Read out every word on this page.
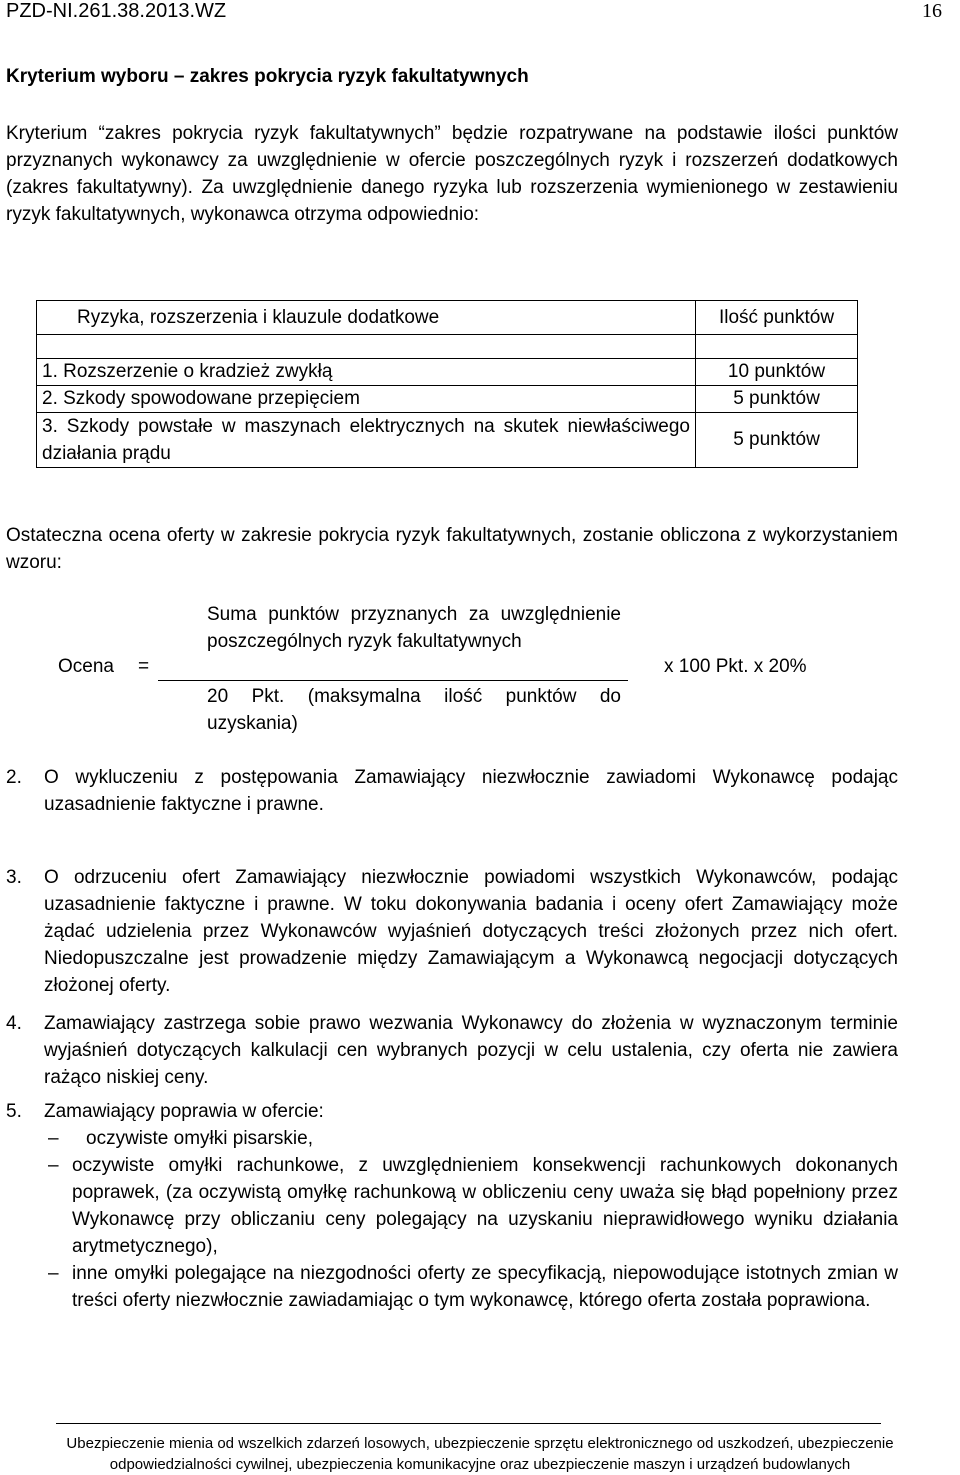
PZD-NI.261.38.2013.WZ	16
Kryterium wyboru – zakres pokrycia ryzyk fakultatywnych
Kryterium “zakres pokrycia ryzyk fakultatywnych” będzie rozpatrywane na podstawie ilości punktów przyznanych wykonawcy za uwzględnienie w ofercie poszczególnych ryzyk i rozszerzeń dodatkowych (zakres fakultatywny). Za uwzględnienie danego ryzyka lub rozszerzenia wymienionego w zestawieniu ryzyk fakultatywnych, wykonawca otrzyma odpowiednio:
Ryzyka, rozszerzenia i klauzule dodatkowe	Ilość punktów

1. Rozszerzenie o kradzież zwykłą	10 punktów
2. Szkody spowodowane przepięciem	5 punktów
3. Szkody powstałe w maszynach elektrycznych na skutek niewłaściwego działania prądu	5 punktów
Ostateczna ocena oferty w zakresie pokrycia ryzyk fakultatywnych, zostanie obliczona z wykorzystaniem wzoru:
Ocena =
Suma punktów przyznanych za uwzględnienie poszczególnych ryzyk fakultatywnych
20 Pkt. (maksymalna ilość punktów do uzyskania)
x 100 Pkt. x 20%
2. O wykluczeniu z postępowania Zamawiający niezwłocznie zawiadomi Wykonawcę podając uzasadnienie faktyczne i prawne.
3. O odrzuceniu ofert Zamawiający niezwłocznie powiadomi wszystkich Wykonawców, podając uzasadnienie faktyczne i prawne. W toku dokonywania badania i oceny ofert Zamawiający może żądać udzielenia przez Wykonawców wyjaśnień dotyczących treści złożonych przez nich ofert. Niedopuszczalne jest prowadzenie między Zamawiającym a Wykonawcą negocjacji dotyczących złożonej oferty.
4. Zamawiający zastrzega sobie prawo wezwania Wykonawcy do złożenia w wyznaczonym terminie wyjaśnień dotyczących kalkulacji cen wybranych pozycji w celu ustalenia, czy oferta nie zawiera rażąco niskiej ceny.
5. Zamawiający poprawia w ofercie:
–	oczywiste omyłki pisarskie,
– oczywiste omyłki rachunkowe, z uwzględnieniem konsekwencji rachunkowych dokonanych poprawek, (za oczywistą omyłkę rachunkową w obliczeniu ceny uważa się błąd popełniony przez Wykonawcę przy obliczaniu ceny polegający na uzyskaniu nieprawidłowego wyniku działania arytmetycznego),
– inne omyłki polegające na niezgodności oferty ze specyfikacją, niepowodujące istotnych zmian w treści oferty niezwłocznie zawiadamiając o tym wykonawcę, którego oferta została poprawiona.
Ubezpieczenie mienia od wszelkich zdarzeń losowych, ubezpieczenie sprzętu elektronicznego od uszkodzeń, ubezpieczenie
odpowiedzialności cywilnej, ubezpieczenia komunikacyjne oraz ubezpieczenie maszyn i urządzeń budowlanych
